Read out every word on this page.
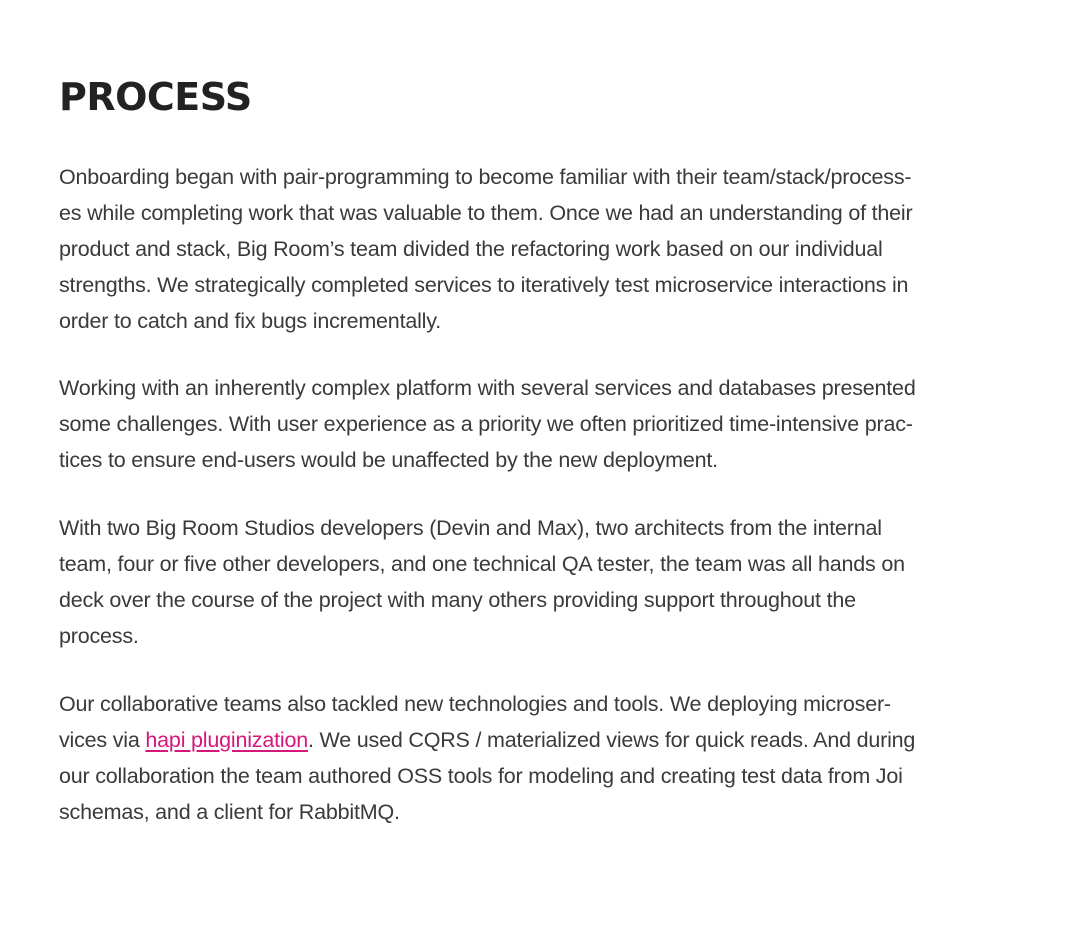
PROCESS

Onboarding began with pair-programming to become familiar with their team/stack/process-
es while completing work that was valuable to them. Once we had an understanding of their
product and stack, Big Room’s team divided the refactoring work based on our individual
strengths. We strategically completed services to iteratively test microservice interactions in
order to catch and fix bugs incrementally.

Working with an inherently complex platform with several services and databases presented
some challenges. With user experience as a priority we often prioritized time-intensive prac-
tices to ensure end-users would be unaffected by the new deployment.

With two Big Room Studios developers (Devin and Max), two architects from the internal
team, four or five other developers, and one technical QA tester, the team was all hands on
deck over the course of the project with many others providing support throughout the
process.

Our collaborative teams also tackled new technologies and tools. We deploying microser-
vices via hapi pluginization. We used CQRS / materialized views for quick reads. And during
our collaboration the team authored OSS tools for modeling and creating test data from Joi
schemas, and a client for RabbitMQ.
